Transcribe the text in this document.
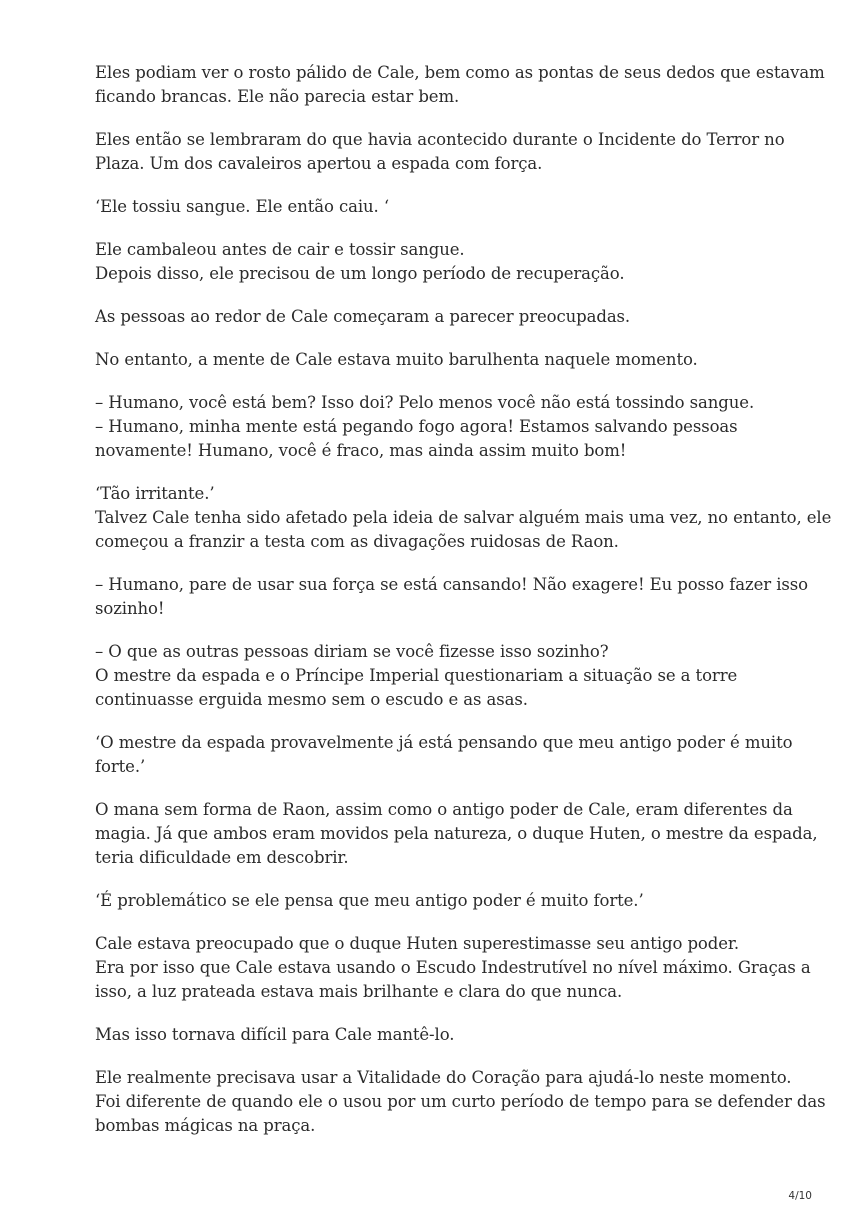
Eles podiam ver o rosto pálido de Cale, bem como as pontas de seus dedos que estavam
ficando brancas. Ele não parecia estar bem.

Eles então se lembraram do que havia acontecido durante o Incidente do Terror no
Plaza. Um dos cavaleiros apertou a espada com força.

‘Ele tossiu sangue. Ele então caiu. ‘

Ele cambaleou antes de cair e tossir sangue.
Depois disso, ele precisou de um longo período de recuperação.

As pessoas ao redor de Cale começaram a parecer preocupadas.

No entanto, a mente de Cale estava muito barulhenta naquele momento.

– Humano, você está bem? Isso doi? Pelo menos você não está tossindo sangue.
– Humano, minha mente está pegando fogo agora! Estamos salvando pessoas
novamente! Humano, você é fraco, mas ainda assim muito bom!

‘Tão irritante.’
Talvez Cale tenha sido afetado pela ideia de salvar alguém mais uma vez, no entanto, ele
começou a franzir a testa com as divagações ruidosas de Raon.

– Humano, pare de usar sua força se está cansando! Não exagere! Eu posso fazer isso
sozinho!

– O que as outras pessoas diriam se você fizesse isso sozinho?
O mestre da espada e o Príncipe Imperial questionariam a situação se a torre
continuasse erguida mesmo sem o escudo e as asas.

‘O mestre da espada provavelmente já está pensando que meu antigo poder é muito
forte.’

O mana sem forma de Raon, assim como o antigo poder de Cale, eram diferentes da
magia. Já que ambos eram movidos pela natureza, o duque Huten, o mestre da espada,
teria dificuldade em descobrir.

‘É problemático se ele pensa que meu antigo poder é muito forte.’

Cale estava preocupado que o duque Huten superestimasse seu antigo poder.
Era por isso que Cale estava usando o Escudo Indestrutível no nível máximo. Graças a
isso, a luz prateada estava mais brilhante e clara do que nunca.

Mas isso tornava difícil para Cale mantê-lo.

Ele realmente precisava usar a Vitalidade do Coração para ajudá-lo neste momento.
Foi diferente de quando ele o usou por um curto período de tempo para se defender das
bombas mágicas na praça.

4/10
